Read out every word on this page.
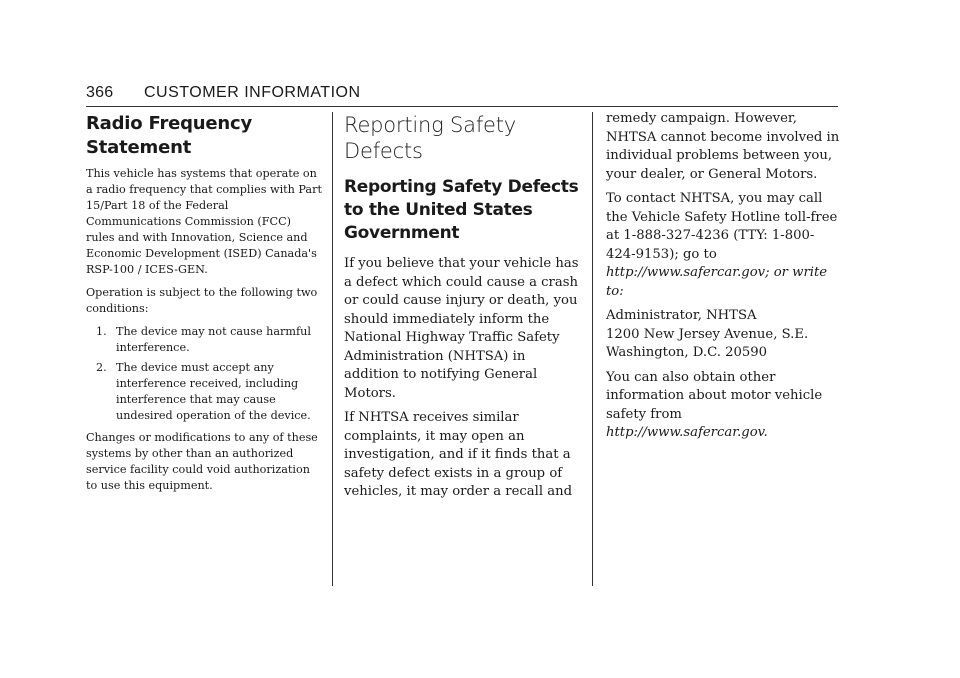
366 CUSTOMER INFORMATION
Radio Frequency Statement

This vehicle has systems that operate on a radio frequency that complies with Part 15/Part 18 of the Federal Communications Commission (FCC) rules and with Innovation, Science and Economic Development (ISED) Canada's RSP-100 / ICES-GEN.

Operation is subject to the following two conditions:

1. The device may not cause harmful interference.
2. The device must accept any interference received, including interference that may cause undesired operation of the device.

Changes or modifications to any of these systems by other than an authorized service facility could void authorization to use this equipment.

Reporting Safety Defects
Reporting Safety Defects to the United States Government

If you believe that your vehicle has a defect which could cause a crash or could cause injury or death, you should immediately inform the National Highway Traffic Safety Administration (NHTSA) in addition to notifying General Motors.

If NHTSA receives similar complaints, it may open an investigation, and if it finds that a safety defect exists in a group of vehicles, it may order a recall and

remedy campaign. However, NHTSA cannot become involved in individual problems between you, your dealer, or General Motors.

To contact NHTSA, you may call the Vehicle Safety Hotline toll-free at 1-888-327-4236 (TTY: 1-800-424-9153); go to http://www.safercar.gov; or write to:

Administrator, NHTSA
1200 New Jersey Avenue, S.E.
Washington, D.C. 20590

You can also obtain other information about motor vehicle safety from http://www.safercar.gov.
